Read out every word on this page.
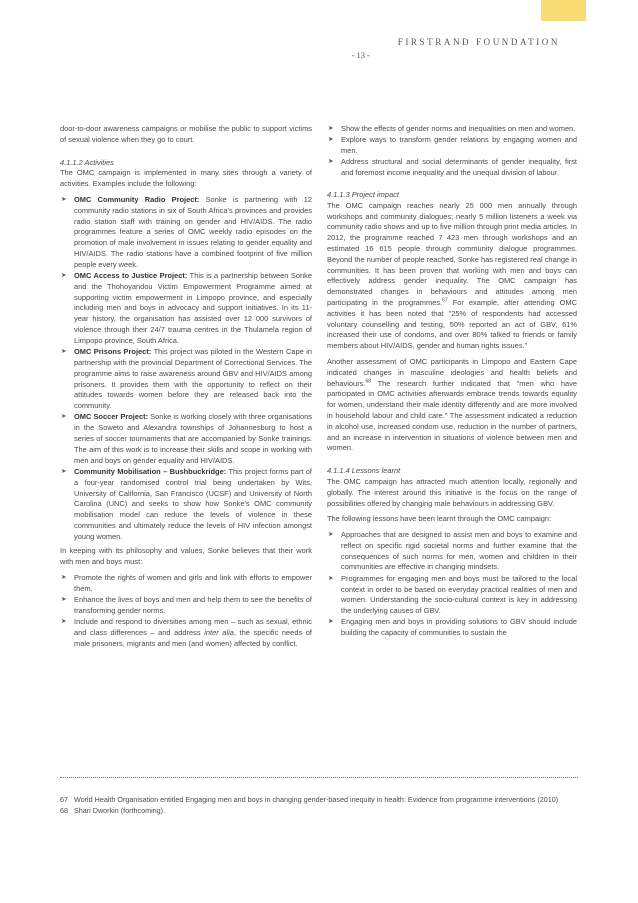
FIRSTRAND FOUNDATION
- 13 -

door-to-door awareness campaigns or mobilise the public to support victims of sexual violence when they go to court.

4.1.1.2 Activities

The OMC campaign is implemented in many sites through a variety of activities. Examples include the following:

➤ OMC Community Radio Project: Sonke is partnering with 12 community radio stations in six of South Africa's provinces and provides radio station staff with training on gender and HIV/AIDS. The radio programmes feature a series of OMC weekly radio episodes on the promotion of male involvement in issues relating to gender equality and HIV/AIDS. The radio stations have a combined footprint of five million people every week.
➤ OMC Access to Justice Project: This is a partnership between Sonke and the Thohoyandou Victim Empowerment Programme aimed at supporting victim empowerment in Limpopo province, and especially including men and boys in advocacy and support initiatives. In its 11-year history, the organisation has assisted over 12 000 survivors of violence through their 24/7 trauma centres in the Thulamela region of Limpopo province, South Africa.
➤ OMC Prisons Project: This project was piloted in the Western Cape in partnership with the provincial Department of Correctional Services. The programme aims to raise awareness around GBV and HIV/AIDS among prisoners. It provides them with the opportunity to reflect on their attitudes towards women before they are released back into the community.
➤ OMC Soccer Project: Sonke is working closely with three organisations in the Soweto and Alexandra townships of Johannesburg to host a series of soccer tournaments that are accompanied by Sonke trainings. The aim of this work is to increase their skills and scope in working with men and boys on gender equality and HIV/AIDS.
➤ Community Mobilisation – Bushbuckridge: This project forms part of a four-year randomised control trial being undertaken by Wits, University of California, San Francisco (UCSF) and University of North Carolina (UNC) and seeks to show how Sonke's OMC community mobilisation model can reduce the levels of violence in these communities and ultimately reduce the levels of HIV infection amongst young women.

In keeping with its philosophy and values, Sonke believes that their work with men and boys must:

➤ Promote the rights of women and girls and link with efforts to empower them.
➤ Enhance the lives of boys and men and help them to see the benefits of transforming gender norms.
➤ Include and respond to diversities among men – such as sexual, ethnic and class differences – and address inter alia, the specific needs of male prisoners, migrants and men (and women) affected by conflict.
➤ Show the effects of gender norms and inequalities on men and women.
➤ Explore ways to transform gender relations by engaging women and men.
➤ Address structural and social determinants of gender inequality, first and foremost income inequality and the unequal division of labour.
4.1.1.3 Project impact

The OMC campaign reaches nearly 25 000 men annually through workshops and community dialogues; nearly 5 million listeners a week via community radio shows and up to five million through print media articles. In 2012, the programme reached 7 423 men through workshops and an estimated 16 615 people through community dialogue programmes. Beyond the number of people reached, Sonke has registered real change in communities. It has been proven that working with men and boys can effectively address gender inequality. The OMC campaign has demonstrated changes in behaviours and attitudes among men participating in the programmes.$^{67}$ For example, after attending OMC activities it has been noted that "25% of respondents had accessed voluntary counselling and testing, 50% reported an act of GBV, 61% increased their use of condoms, and over 80% talked to friends or family members about HIV/AIDS, gender and human rights issues."

Another assessment of OMC participants in Limpopo and Eastern Cape indicated changes in masculine ideologies and health beliefs and behaviours.$^{68}$ The research further indicated that "men who have participated in OMC activities afterwards embrace trends towards equality for women, understand their male identity differently and are more involved in household labour and child care." The assessment indicated a reduction in alcohol use, increased condom use, reduction in the number of partners, and an increase in intervention in situations of violence between men and women.

4.1.1.4 Lessons learnt

The OMC campaign has attracted much attention locally, regionally and globally. The interest around this initiative is the focus on the range of possibilities offered by changing male behaviours in addressing GBV.

The following lessons have been learnt through the OMC campaign:

➤ Approaches that are designed to assist men and boys to examine and reflect on specific rigid societal norms and further examine that the consequences of such norms for men, women and children in their communities are effective in changing mindsets.
➤ Programmes for engaging men and boys must be tailored to the local context in order to be based on everyday practical realities of men and women. Understanding the socio-cultural context is key in addressing the underlying causes of GBV.
➤ Engaging men and boys in providing solutions to GBV should include building the capacity of communities to sustain the
67 World Health Organisation entitled Engaging men and boys in changing gender-based inequity in health: Evidence from programme interventions (2010)
68 Shari Dworkin (forthcoming).
